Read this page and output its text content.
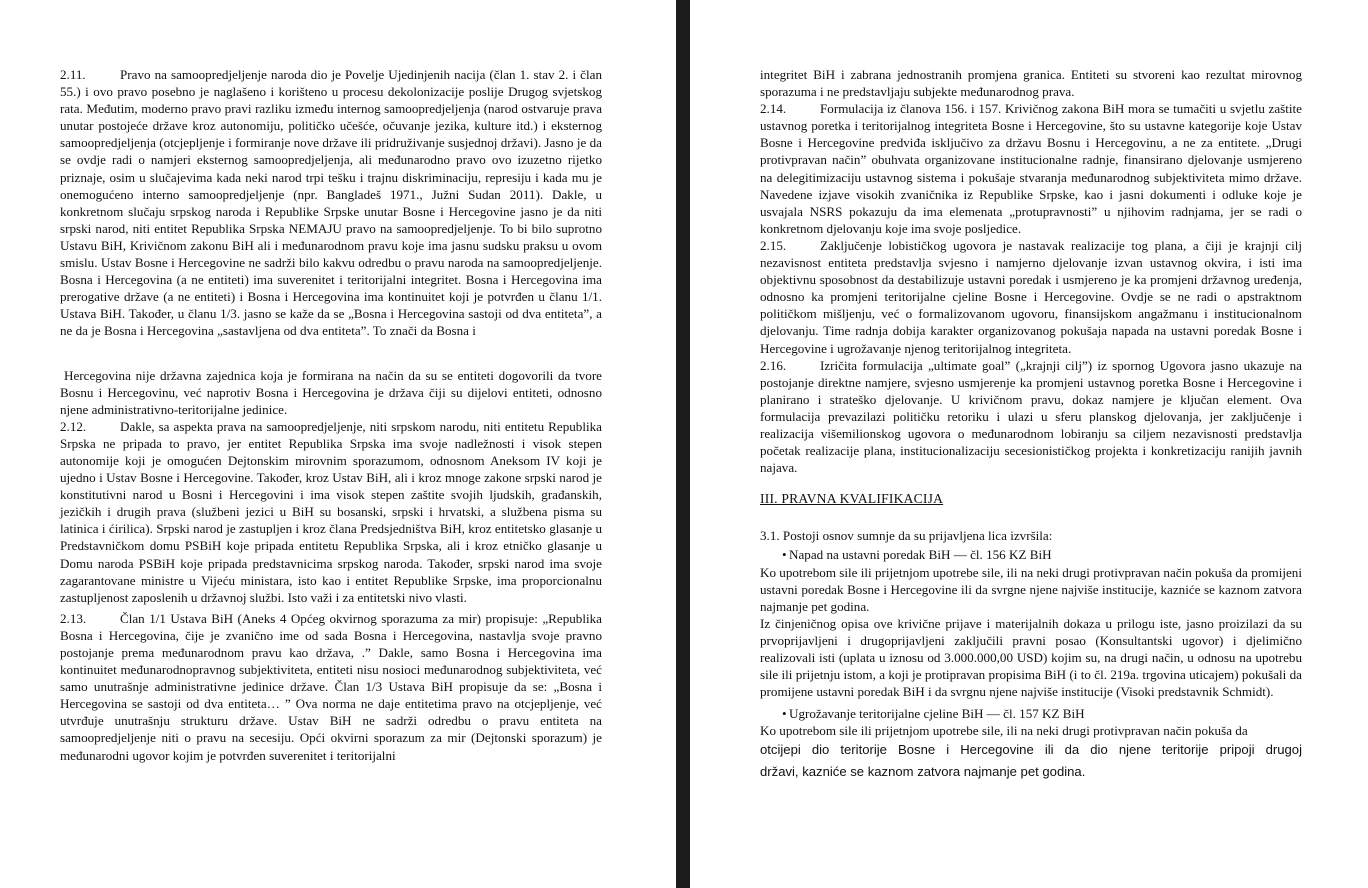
2.11.	Pravo na samoopredjeljenje naroda dio je Povelje Ujedinjenih nacija (član 1. stav 2. i član 55.) i ovo pravo posebno je naglašeno i korišteno u procesu dekolonizacije poslije Drugog svjetskog rata. Međutim, moderno pravo pravi razliku između internog samoopredjeljenja (narod ostvaruje prava unutar postojeće države kroz autonomiju, političko učešće, očuvanje jezika, kulture itd.) i eksternog samoopredjeljenja (otcjepljenje i formiranje nove države ili pridruživanje susjednoj državi). Jasno je da se ovdje radi o namjeri eksternog samoopredjeljenja, ali međunarodno pravo ovo izuzetno rijetko priznaje, osim u slučajevima kada neki narod trpi tešku i trajnu diskriminaciju, represiju i kada mu je onemogućeno interno samoopredjeljenje (npr. Bangladeš 1971., Južni Sudan 2011). Dakle, u konkretnom slučaju srpskog naroda i Republike Srpske unutar Bosne i Hercegovine jasno je da niti srpski narod, niti entitet Republika Srpska NEMAJU pravo na samoopredjeljenje. To bi bilo suprotno Ustavu BiH, Krivičnom zakonu BiH ali i međunarodnom pravu koje ima jasnu sudsku praksu u ovom smislu. Ustav Bosne i Hercegovine ne sadrži bilo kakvu odredbu o pravu naroda na samoopredjeljenje. Bosna i Hercegovina (a ne entiteti) ima suverenitet i teritorijalni integritet. Bosna i Hercegovina ima prerogative države (a ne entiteti) i Bosna i Hercegovina ima kontinuitet koji je potvrđen u članu 1/1. Ustava BiH. Također, u članu 1/3. jasno se kaže da se „Bosna i Hercegovina sastoji od dva entiteta”, a ne da je Bosna i Hercegovina „sastavljena od dva entiteta”. To znači da Bosna i

Hercegovina nije državna zajednica koja je formirana na način da su se entiteti dogovorili da tvore Bosnu i Hercegovinu, već naprotiv Bosna i Hercegovina je država čiji su dijelovi entiteti, odnosno njene administrativno-teritorijalne jedinice.

2.12.	Dakle, sa aspekta prava na samoopredjeljenje, niti srpskom narodu, niti entitetu Republika Srpska ne pripada to pravo, jer entitet Republika Srpska ima svoje nadležnosti i visok stepen autonomije koji je omogućen Dejtonskim mirovnim sporazumom, odnosnom Aneksom IV koji je ujedno i Ustav Bosne i Hercegovine. Također, kroz Ustav BiH, ali i kroz mnoge zakone srpski narod je konstitutivni narod u Bosni i Hercegovini i ima visok stepen zaštite svojih ljudskih, građanskih, jezičkih i drugih prava (službeni jezici u BiH su bosanski, srpski i hrvatski, a službena pisma su latinica i ćirilica). Srpski narod je zastupljen i kroz člana Predsjedništva BiH, kroz entitetsko glasanje u Predstavničkom domu PSBiH koje pripada entitetu Republika Srpska, ali i kroz etničko glasanje u Domu naroda PSBiH koje pripada predstavnicima srpskog naroda. Također, srpski narod ima svoje zagarantovane ministre u Vijeću ministara, isto kao i entitet Republike Srpske, ima proporcionalnu zastupljenost zaposlenih u državnoj službi. Isto važi i za entitetski nivo vlasti.

2.13.	Član 1/1 Ustava BiH (Aneks 4 Općeg okvirnog sporazuma za mir) propisuje: „Republika Bosna i Hercegovina, čije je zvanično ime od sada Bosna i Hercegovina, nastavlja svoje pravno postojanje prema međunarodnom pravu kao država, .” Dakle, samo Bosna i Hercegovina ima kontinuitet međunarodnopravnog subjektiviteta, entiteti nisu nosioci međunarodnog subjektiviteta, već samo unutrašnje administrativne jedinice države. Član 1/3 Ustava BiH propisuje da se: „Bosna i Hercegovina se sastoji od dva entiteta… ” Ova norma ne daje entitetima pravo na otcjepljenje, već utvrđuje unutrašnju strukturu države. Ustav BiH ne sadrži odredbu o pravu entiteta na samoopredjeljenje niti o pravu na secesiju. Opći okvirni sporazum za mir (Dejtonski sporazum) je međunarodni ugovor kojim je potvrđen suverenitet i teritorijalni

integritet BiH i zabrana jednostranih promjena granica. Entiteti su stvoreni kao rezultat mirovnog sporazuma i ne predstavljaju subjekte međunarodnog prava.

2.14.	Formulacija iz članova 156. i 157. Krivičnog zakona BiH mora se tumačiti u svjetlu zaštite ustavnog poretka i teritorijalnog integriteta Bosne i Hercegovine, što su ustavne kategorije koje Ustav Bosne i Hercegovine predviđa isključivo za državu Bosnu i Hercegovinu, a ne za entitete. „Drugi protivpravan način” obuhvata organizovane institucionalne radnje, finansirano djelovanje usmjereno na delegitimizaciju ustavnog sistema i pokušaje stvaranja međunarodnog subjektiviteta mimo države. Navedene izjave visokih zvaničnika iz Republike Srpske, kao i jasni dokumenti i odluke koje je usvajala NSRS pokazuju da ima elemenata „protupravnosti” u njihovim radnjama, jer se radi o konkretnom djelovanju koje ima svoje posljedice.

2.15.	Zaključenje lobističkog ugovora je nastavak realizacije tog plana, a čiji je krajnji cilj nezavisnost entiteta predstavlja svjesno i namjerno djelovanje izvan ustavnog okvira, i isti ima objektivnu sposobnost da destabilizuje ustavni poredak i usmjereno je ka promjeni državnog uređenja, odnosno ka promjeni teritorijalne cjeline Bosne i Hercegovine. Ovdje se ne radi o apstraktnom političkom mišljenju, već o formalizovanom ugovoru, finansijskom angažmanu i institucionalnom djelovanju. Time radnja dobija karakter organizovanog pokušaja napada na ustavni poredak Bosne i Hercegovine i ugrožavanje njenog teritorijalnog integriteta.

2.16.	Izričita formulacija „ultimate goal” („krajnji cilj”) iz spornog Ugovora jasno ukazuje na postojanje direktne namjere, svjesno usmjerenje ka promjeni ustavnog poretka Bosne i Hercegovine i planirano i strateško djelovanje. U krivičnom pravu, dokaz namjere je ključan element. Ova formulacija prevazilazi političku retoriku i ulazi u sferu planskog djelovanja, jer zaključenje i realizacija višemilionskog ugovora o međunarodnom lobiranju sa ciljem nezavisnosti predstavlja početak realizacije plana, institucionalizaciju secesionističkog projekta i konkretizaciju ranijih javnih najava.

III. PRAVNA KVALIFIKACIJA

3.1. Postoji osnov sumnje da su prijavljena lica izvršila:

• Napad na ustavni poredak BiH — čl. 156 KZ BiH

Ko upotrebom sile ili prijetnjom upotrebe sile, ili na neki drugi protivpravan način pokuša da promijeni ustavni poredak Bosne i Hercegovine ili da svrgne njene najviše institucije, kazniće se kaznom zatvora najmanje pet godina.

Iz činjeničnog opisa ove krivične prijave i materijalnih dokaza u prilogu iste, jasno proizilazi da su prvoprijavljeni i drugoprijavljeni zaključili pravni posao (Konsultantski ugovor) i djelimično realizovali isti (uplata u iznosu od 3.000.000,00 USD) kojim su, na drugi način, u odnosu na upotrebu sile ili prijetnju istom, a koji je protipravan propisima BiH (i to čl. 219a. trgovina uticajem) pokušali da promijene ustavni poredak BiH i da svrgnu njene najviše institucije (Visoki predstavnik Schmidt).

• Ugrožavanje teritorijalne cjeline BiH — čl. 157 KZ BiH

Ko upotrebom sile ili prijetnjom upotrebe sile, ili na neki drugi protivpravan način pokuša da

otcijepi dio teritorije Bosne i Hercegovine ili da dio njene teritorije pripoji drugoj

državi, kazniće se kaznom zatvora najmanje pet godina.
